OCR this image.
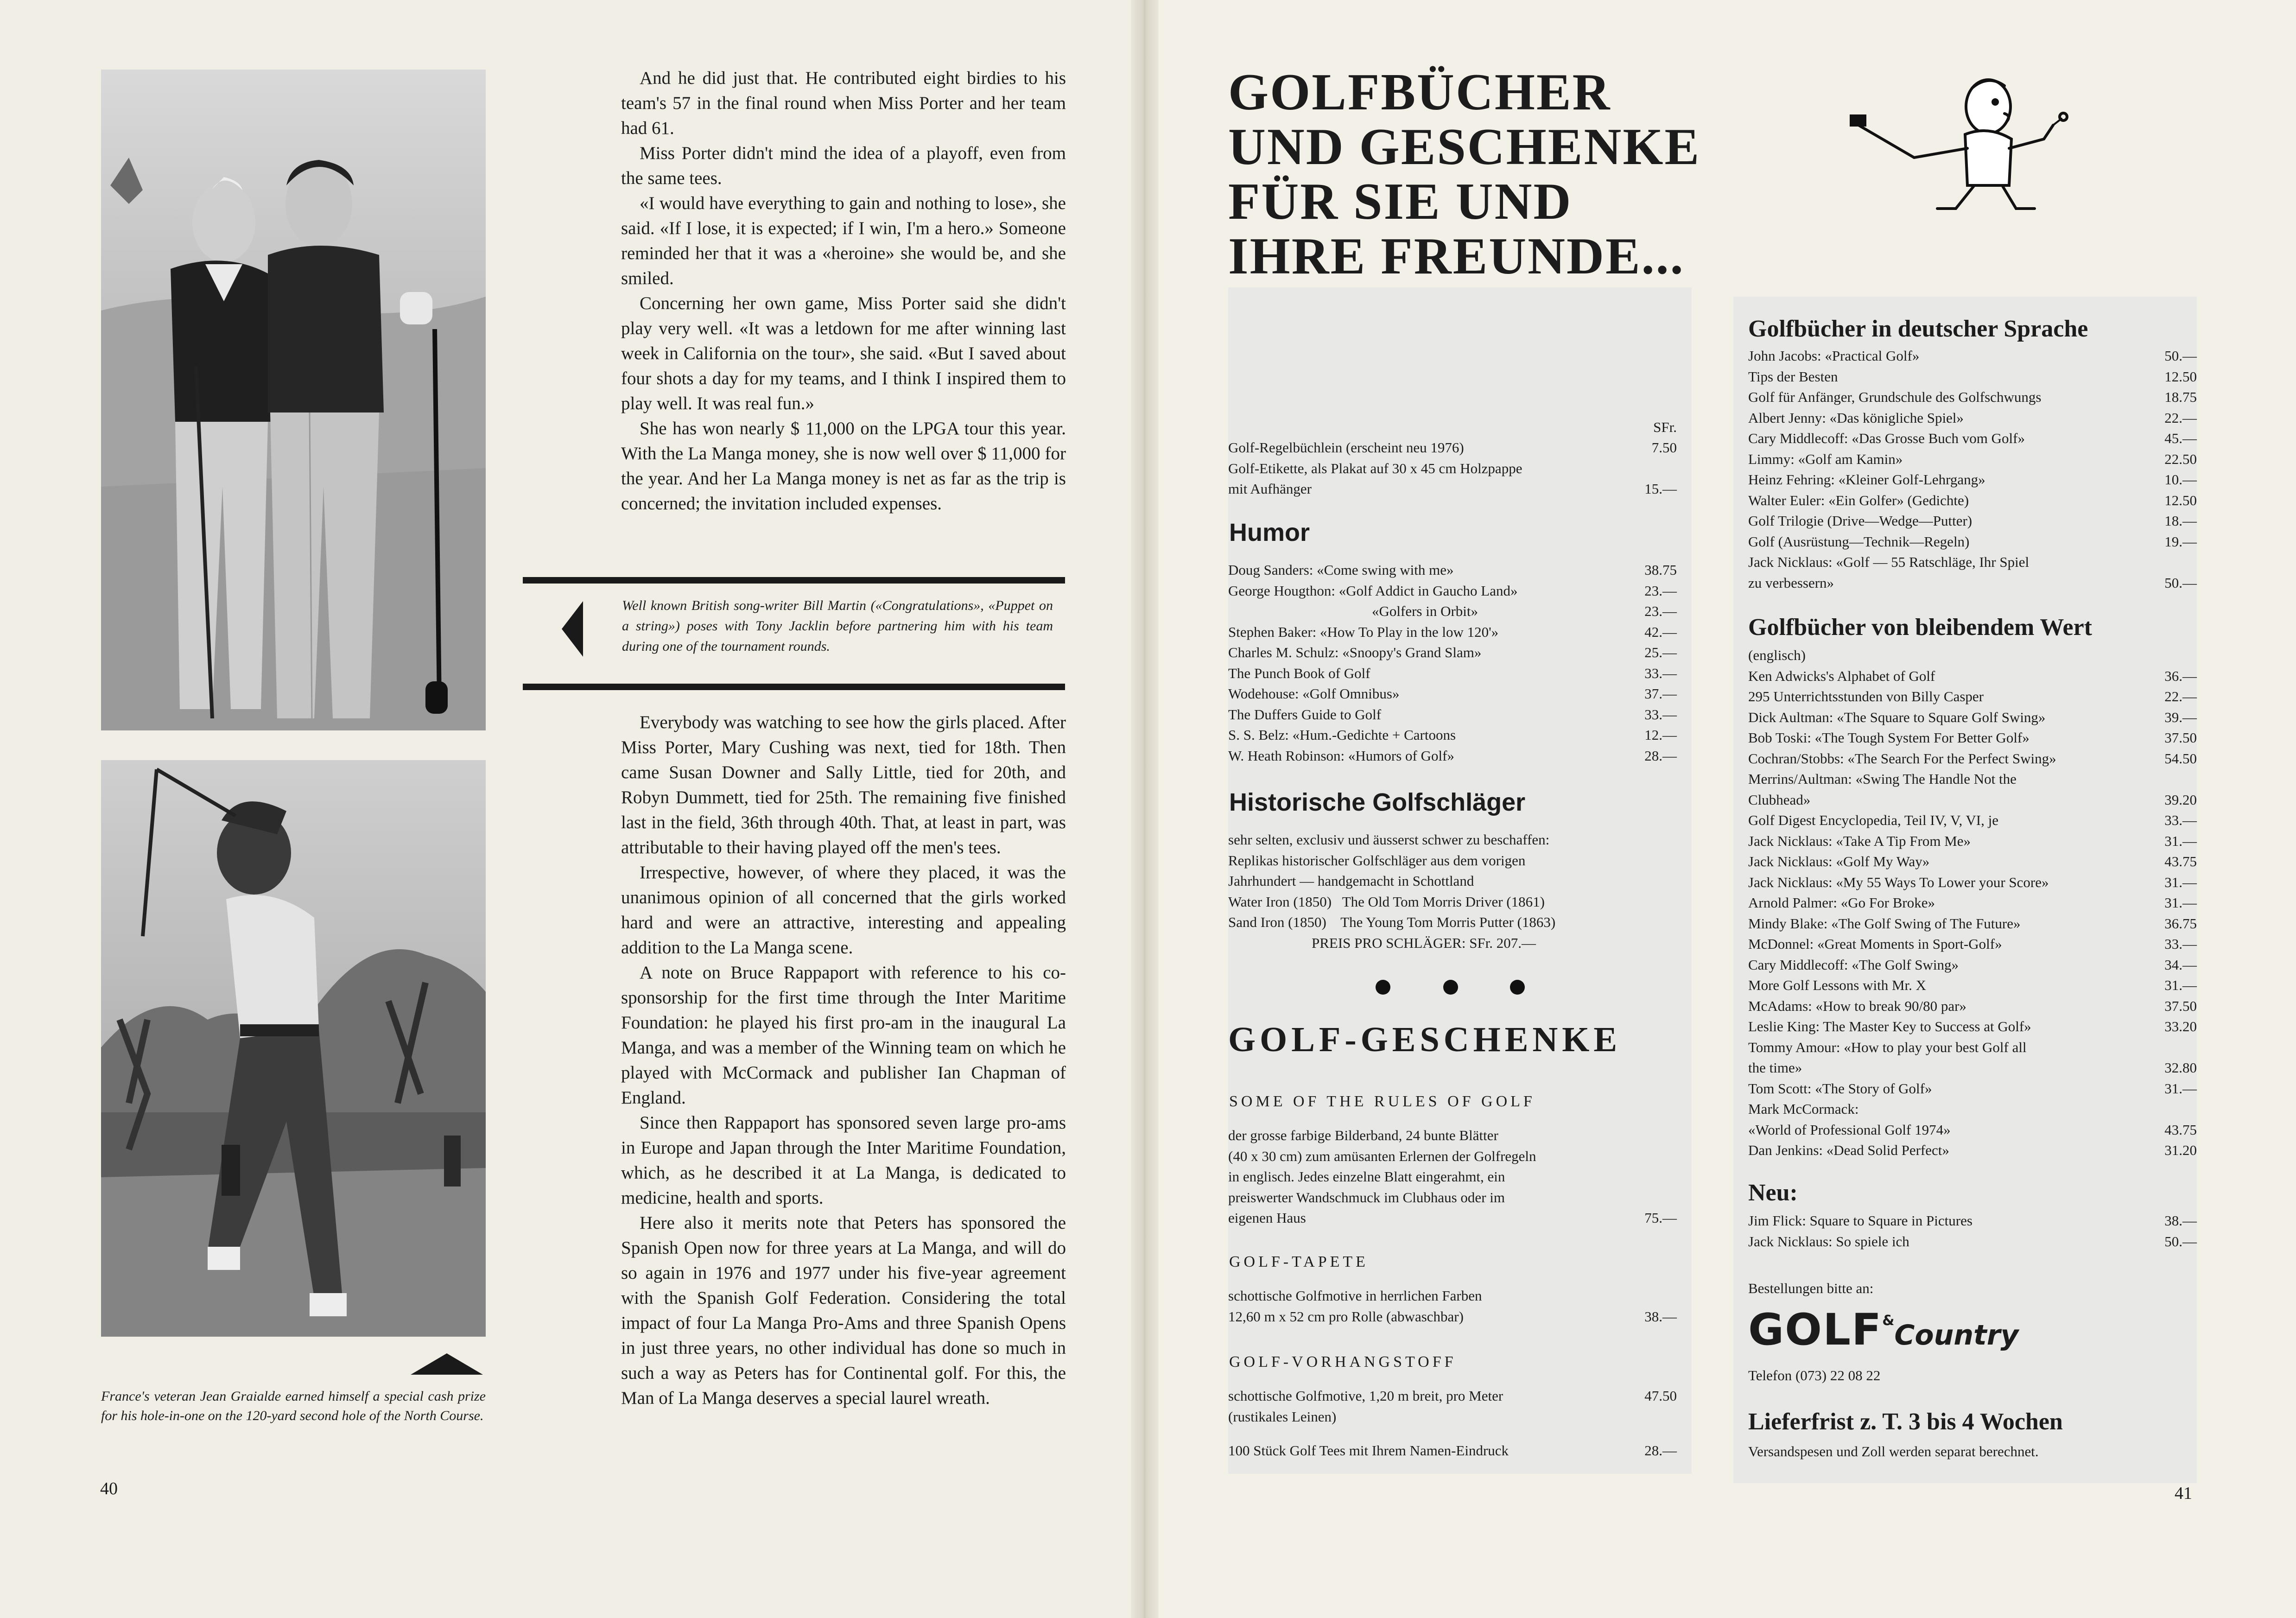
France's veteran Jean Graialde earned himself a special cash prize for his hole-in-one on the 120-yard second hole of the North Course.
40

And he did just that. He contributed eight birdies to his team's 57 in the final round when Miss Porter and her team had 61.

Miss Porter didn't mind the idea of a playoff, even from the same tees.

«I would have everything to gain and nothing to lose», she said. «If I lose, it is expected; if I win, I'm a hero.» Someone reminded her that it was a «heroine» she would be, and she smiled.

Concerning her own game, Miss Porter said she didn't play very well. «It was a letdown for me after winning last week in California on the tour», she said. «But I saved about four shots a day for my teams, and I think I inspired them to play well. It was real fun.»

She has won nearly $ 11,000 on the LPGA tour this year. With the La Manga money, she is now well over $ 11,000 for the year. And her La Manga money is net as far as the trip is concerned; the invitation included expenses.

Well known British song-writer Bill Martin («Congratulations», «Puppet on a string») poses with Tony Jacklin before partnering him with his team during one of the tournament rounds.

Everybody was watching to see how the girls placed. After Miss Porter, Mary Cushing was next, tied for 18th. Then came Susan Downer and Sally Little, tied for 20th, and Robyn Dummett, tied for 25th. The remaining five finished last in the field, 36th through 40th. That, at least in part, was attributable to their having played off the men's tees.

Irrespective, however, of where they placed, it was the unanimous opinion of all concerned that the girls worked hard and were an attractive, interesting and appealing addition to the La Manga scene.

A note on Bruce Rappaport with reference to his co-sponsorship for the first time through the Inter Maritime Foundation: he played his first pro-am in the inaugural La Manga, and was a member of the Winning team on which he played with McCormack and publisher Ian Chapman of England.

Since then Rappaport has sponsored seven large pro-ams in Europe and Japan through the Inter Maritime Foundation, which, as he described it at La Manga, is dedicated to medicine, health and sports.

Here also it merits note that Peters has sponsored the Spanish Open now for three years at La Manga, and will do so again in 1976 and 1977 under his five-year agreement with the Spanish Golf Federation. Considering the total impact of four La Manga Pro-Ams and three Spanish Opens in just three years, no other individual has done so much in such a way as Peters has for Continental golf. For this, the Man of La Manga deserves a special laurel wreath.

GOLFBÜCHER
UND GESCHENKE
FÜR SIE UND
IHRE FREUNDE...
SFr.
Golf-Regelbüchlein (erscheint neu 1976)	7.50
Golf-Etikette, als Plakat auf 30 x 45 cm Holzpappe
mit Aufhänger	15.—
Humor
Doug Sanders: «Come swing with me»	38.75
George Hougthon: «Golf Addict in Gaucho Land»	23.—
«Golfers in Orbit»	23.—
Stephen Baker: «How To Play in the low 120'»	42.—
Charles M. Schulz: «Snoopy's Grand Slam»	25.—
The Punch Book of Golf	33.—
Wodehouse: «Golf Omnibus»	37.—
The Duffers Guide to Golf	33.—
S. S. Belz: «Hum.-Gedichte + Cartoons	12.—
W. Heath Robinson: «Humors of Golf»	28.—
Historische Golfschläger
sehr selten, exclusiv und äusserst schwer zu beschaffen:
Replikas historischer Golfschläger aus dem vorigen
Jahrhundert — handgemacht in Schottland
Water Iron (1850)   The Old Tom Morris Driver (1861)
Sand Iron (1850)    The Young Tom Morris Putter (1863)
PREIS PRO SCHLÄGER: SFr. 207.—
GOLF-GESCHENKE
SOME OF THE RULES OF GOLF
der grosse farbige Bilderband, 24 bunte Blätter
(40 x 30 cm) zum amüsanten Erlernen der Golfregeln
in englisch. Jedes einzelne Blatt eingerahmt, ein
preiswerter Wandschmuck im Clubhaus oder im
eigenen Haus	75.—
GOLF-TAPETE
schottische Golfmotive in herrlichen Farben
12,60 m x 52 cm pro Rolle (abwaschbar)	38.—
GOLF-VORHANGSTOFF
schottische Golfmotive, 1,20 m breit, pro Meter	47.50
(rustikales Leinen)
100 Stück Golf Tees mit Ihrem Namen-Eindruck	28.—
Golfbücher in deutscher Sprache
John Jacobs: «Practical Golf»	50.—
Tips der Besten	12.50
Golf für Anfänger, Grundschule des Golfschwungs	18.75
Albert Jenny: «Das königliche Spiel»	22.—
Cary Middlecoff: «Das Grosse Buch vom Golf»	45.—
Limmy: «Golf am Kamin»	22.50
Heinz Fehring: «Kleiner Golf-Lehrgang»	10.—
Walter Euler: «Ein Golfer» (Gedichte)	12.50
Golf Trilogie (Drive—Wedge—Putter)	18.—
Golf (Ausrüstung—Technik—Regeln)	19.—
Jack Nicklaus: «Golf — 55 Ratschläge, Ihr Spiel
zu verbessern»	50.—
Golfbücher von bleibendem Wert
(englisch)
Ken Adwicks's Alphabet of Golf	36.—
295 Unterrichtsstunden von Billy Casper	22.—
Dick Aultman: «The Square to Square Golf Swing»	39.—
Bob Toski: «The Tough System For Better Golf»	37.50
Cochran/Stobbs: «The Search For the Perfect Swing»	54.50
Merrins/Aultman: «Swing The Handle Not the
Clubhead»	39.20
Golf Digest Encyclopedia, Teil IV, V, VI, je	33.—
Jack Nicklaus: «Take A Tip From Me»	31.—
Jack Nicklaus: «Golf My Way»	43.75
Jack Nicklaus: «My 55 Ways To Lower your Score»	31.—
Arnold Palmer: «Go For Broke»	31.—
Mindy Blake: «The Golf Swing of The Future»	36.75
McDonnel: «Great Moments in Sport-Golf»	33.—
Cary Middlecoff: «The Golf Swing»	34.—
More Golf Lessons with Mr. X	31.—
McAdams: «How to break 90/80 par»	37.50
Leslie King: The Master Key to Success at Golf»	33.20
Tommy Amour: «How to play your best Golf all
the time»	32.80
Tom Scott: «The Story of Golf»	31.—
Mark McCormack:
«World of Professional Golf 1974»	43.75
Dan Jenkins: «Dead Solid Perfect»	31.20
Neu:
Jim Flick: Square to Square in Pictures	38.—
Jack Nicklaus: So spiele ich	50.—
Bestellungen bitte an:
GOLF&Country
Telefon (073) 22 08 22
Lieferfrist z. T. 3 bis 4 Wochen
Versandspesen und Zoll werden separat berechnet.
41
